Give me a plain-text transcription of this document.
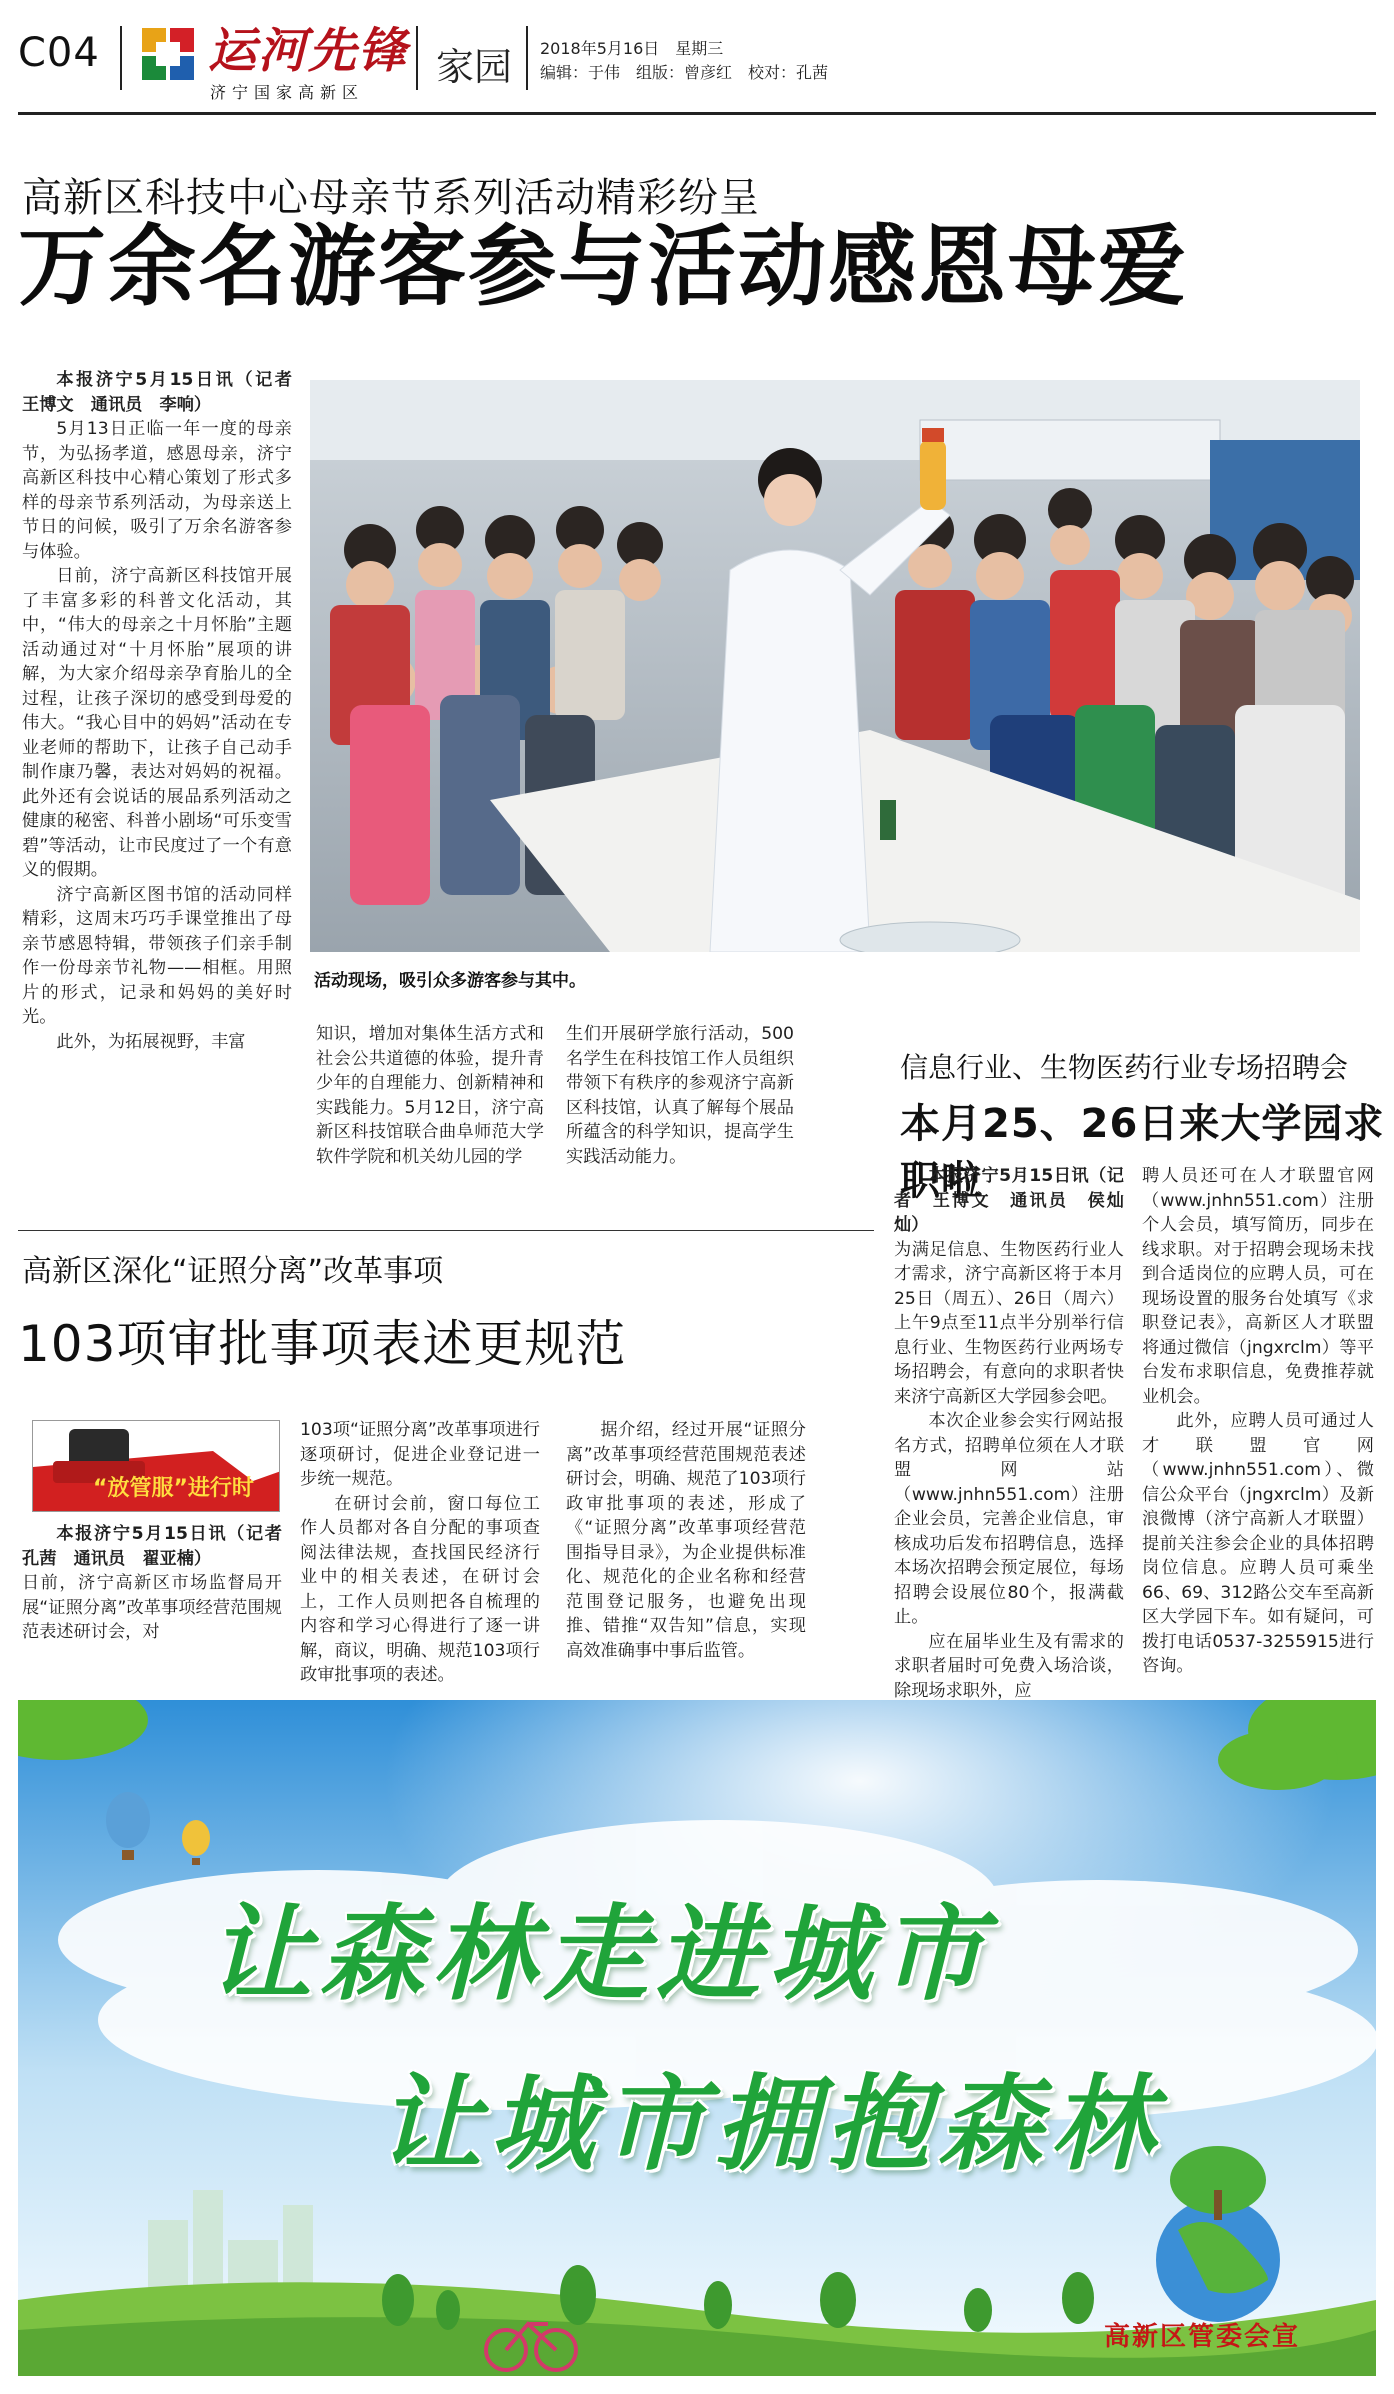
C04 运河先锋
济宁国家高新区
家园 2018年5月16日　星期三
编辑：于伟　组版：曾彦红　校对：孔茜
高新区科技中心母亲节系列活动精彩纷呈
万余名游客参与活动感恩母爱

本报济宁5月15日讯（记者　王博文　通讯员　李响）

5月13日正临一年一度的母亲节，为弘扬孝道，感恩母亲，济宁高新区科技中心精心策划了形式多样的母亲节系列活动，为母亲送上节日的问候，吸引了万余名游客参与体验。

日前，济宁高新区科技馆开展了丰富多彩的科普文化活动，其中，“伟大的母亲之十月怀胎”主题活动通过对“十月怀胎”展项的讲解，为大家介绍母亲孕育胎儿的全过程，让孩子深切的感受到母爱的伟大。“我心目中的妈妈”活动在专业老师的帮助下，让孩子自己动手制作康乃馨，表达对妈妈的祝福。此外还有会说话的展品系列活动之健康的秘密、科普小剧场“可乐变雪碧”等活动，让市民度过了一个有意义的假期。

济宁高新区图书馆的活动同样精彩，这周末巧巧手课堂推出了母亲节感恩特辑，带领孩子们亲手制作一份母亲节礼物——相框。用照片的形式，记录和妈妈的美好时光。

此外，为拓展视野，丰富

活动现场，吸引众多游客参与其中。

知识，增加对集体生活方式和社会公共道德的体验，提升青少年的自理能力、创新精神和实践能力。5月12日，济宁高新区科技馆联合曲阜师范大学软件学院和机关幼儿园的学

生们开展研学旅行活动，500名学生在科技馆工作人员组织带领下有秩序的参观济宁高新区科技馆，认真了解每个展品所蕴含的科学知识，提高学生实践活动能力。

信息行业、生物医药行业专场招聘会
本月25、26日来大学园求职啦

本报济宁5月15日讯（记者　王博文　通讯员　侯灿灿）

为满足信息、生物医药行业人才需求，济宁高新区将于本月25日（周五）、26日（周六）上午9点至11点半分别举行信息行业、生物医药行业两场专场招聘会，有意向的求职者快来济宁高新区大学园参会吧。

本次企业参会实行网站报名方式，招聘单位须在人才联盟网站（www.jnhn551.com）注册企业会员，完善企业信息，审核成功后发布招聘信息，选择本场次招聘会预定展位，每场招聘会设展位80个，报满截止。

应在届毕业生及有需求的求职者届时可免费入场洽谈，除现场求职外，应

聘人员还可在人才联盟官网（www.jnhn551.com）注册个人会员，填写简历，同步在线求职。对于招聘会现场未找到合适岗位的应聘人员，可在现场设置的服务台处填写《求职登记表》，高新区人才联盟将通过微信（jngxrclm）等平台发布求职信息，免费推荐就业机会。

此外，应聘人员可通过人才联盟官网（www.jnhn551.com）、微信公众平台（jngxrclm）及新浪微博（济宁高新人才联盟）提前关注参会企业的具体招聘岗位信息。应聘人员可乘坐66、69、312路公交车至高新区大学园下车。如有疑问，可拨打电话0537-3255915进行咨询。

高新区深化“证照分离”改革事项
103项审批事项表述更规范
“放管服”进行时

本报济宁5月15日讯（记者　孔茜　通讯员　翟亚楠）

日前，济宁高新区市场监督局开展“证照分离”改革事项经营范围规范表述研讨会，对

103项“证照分离”改革事项进行逐项研讨，促进企业登记进一步统一规范。

在研讨会前，窗口每位工作人员都对各自分配的事项查阅法律法规，查找国民经济行业中的相关表述，在研讨会上，工作人员则把各自梳理的内容和学习心得进行了逐一讲解，商议，明确、规范103项行政审批事项的表述。

据介绍，经过开展“证照分离”改革事项经营范围规范表述研讨会，明确、规范了103项行政审批事项的表述，形成了《“证照分离”改革事项经营范围指导目录》，为企业提供标准化、规范化的企业名称和经营范围登记服务，也避免出现推、错推“双告知”信息，实现高效准确事中事后监管。

让森林走进城市
让城市拥抱森林
高新区管委会宣
